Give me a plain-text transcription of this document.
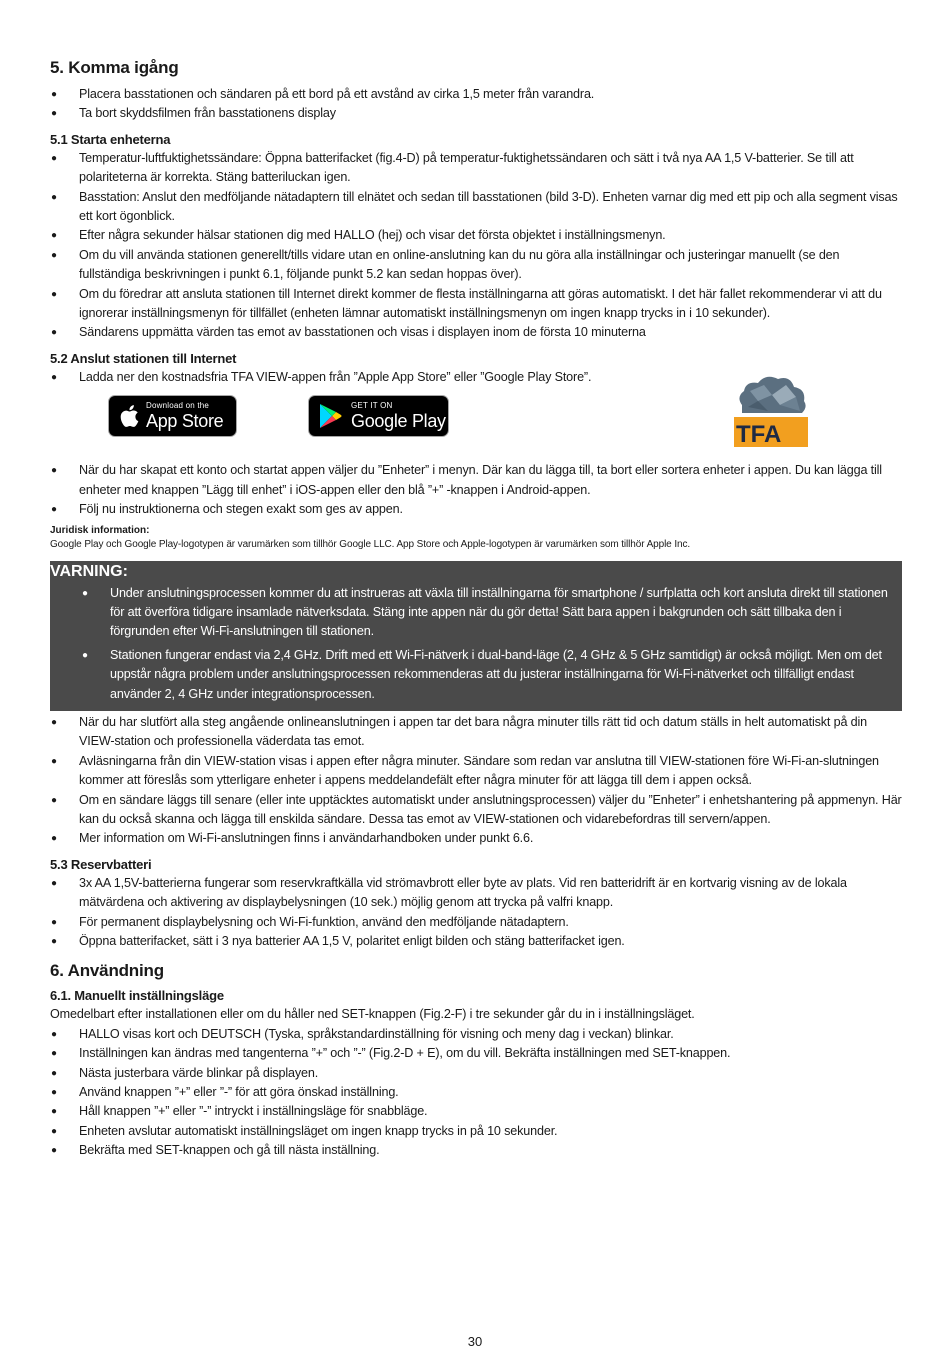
5. Komma igång
● Placera basstationen och sändaren på ett bord på ett avstånd av cirka 1,5 meter från varandra.
● Ta bort skyddsfilmen från basstationens display
5.1 Starta enheterna
● Temperatur-luftfuktighetssändare: Öppna batterifacket (fig.4-D) på temperatur-fuktighetssändaren och sätt i två nya AA 1,5 V-batterier. Se till att polariteterna är korrekta. Stäng batteriluckan igen.
● Basstation: Anslut den medföljande nätadaptern till elnätet och sedan till basstationen (bild 3-D). Enheten varnar dig med ett pip och alla segment visas ett kort ögonblick.
● Efter några sekunder hälsar stationen dig med HALLO (hej) och visar det första objektet i inställningsmenyn.
● Om du vill använda stationen generellt/tills vidare utan en online-anslutning kan du nu göra alla inställningar och justeringar manuellt (se den fullständiga beskrivningen i punkt 6.1, följande punkt 5.2 kan sedan hoppas över).
● Om du föredrar att ansluta stationen till Internet direkt kommer de flesta inställningarna att göras automatiskt. I det här fallet rekommenderar vi att du ignorerar inställningsmenyn för tillfället (enheten lämnar automatiskt inställningsmenyn om ingen knapp trycks in i 10 sekunder).
● Sändarens uppmätta värden tas emot av basstationen och visas i displayen inom de första 10 minuterna
5.2 Anslut stationen till Internet
● Ladda ner den kostnadsfria TFA VIEW-appen från ”Apple App Store” eller ”Google Play Store”.
Download on the
App Store
GET IT ON
Google Play	TFA
● När du har skapat ett konto och startat appen väljer du ”Enheter” i menyn. Där kan du lägga till, ta bort eller sortera enheter i appen. Du kan lägga till enheter med knappen ”Lägg till enhet” i iOS-appen eller den blå ”+” -knappen i Android-appen.
● Följ nu instruktionerna och stegen exakt som ges av appen.
Juridisk information:
Google Play och Google Play-logotypen är varumärken som tillhör Google LLC. App Store och Apple-logotypen är varumärken som tillhör Apple Inc.
VARNING:
● Under anslutningsprocessen kommer du att instrueras att växla till inställningarna för smartphone / surfplatta och kort ansluta direkt till stationen för att överföra tidigare insamlade nätverksdata. Stäng inte appen när du gör detta! Sätt bara appen i bakgrunden och sätt tillbaka den i förgrunden efter Wi-Fi-anslutningen till stationen.
● Stationen fungerar endast via 2,4 GHz. Drift med ett Wi-Fi-nätverk i dual-band-läge (2, 4 GHz & 5 GHz samtidigt) är också möjligt. Men om det uppstår några problem under anslutningsprocessen rekommenderas att du justerar inställningarna för Wi-Fi-nätverket och tillfälligt endast använder 2, 4 GHz under integrationsprocessen.
● När du har slutfört alla steg angående onlineanslutningen i appen tar det bara några minuter tills rätt tid och datum ställs in helt automatiskt på din VIEW-station och professionella väderdata tas emot.
● Avläsningarna från din VIEW-station visas i appen efter några minuter. Sändare som redan var anslutna till VIEW-stationen före Wi-Fi-an-slutningen kommer att föreslås som ytterligare enheter i appens meddelandefält efter några minuter för att lägga till dem i appen också.
● Om en sändare läggs till senare (eller inte upptäcktes automatiskt under anslutningsprocessen) väljer du ”Enheter” i enhetshantering på appmenyn. Här kan du också skanna och lägga till enskilda sändare. Dessa tas emot av VIEW-stationen och vidarebefordras till servern/appen.
● Mer information om Wi-Fi-anslutningen finns i användarhandboken under punkt 6.6.
5.3 Reservbatteri
● 3x AA 1,5V-batterierna fungerar som reservkraftkälla vid strömavbrott eller byte av plats. Vid ren batteridrift är en kortvarig visning av de lokala mätvärdena och aktivering av displaybelysningen (10 sek.) möjlig genom att trycka på valfri knapp.
● För permanent displaybelysning och Wi-Fi-funktion, använd den medföljande nätadaptern.
● Öppna batterifacket, sätt i 3 nya batterier AA 1,5 V, polaritet enligt bilden och stäng batterifacket igen.
6. Användning
6.1. Manuellt inställningsläge

Omedelbart efter installationen eller om du håller ned SET-knappen (Fig.2-F) i tre sekunder går du in i inställningsläget.

● HALLO visas kort och DEUTSCH (Tyska, språkstandardinställning för visning och meny dag i veckan) blinkar.
● Inställningen kan ändras med tangenterna ”+” och ”-” (Fig.2-D + E), om du vill. Bekräfta inställningen med SET-knappen.
● Nästa justerbara värde blinkar på displayen.
● Använd knappen ”+” eller ”-” för att göra önskad inställning.
● Håll knappen ”+” eller ”-” intryckt i inställningsläge för snabbläge.
● Enheten avslutar automatiskt inställningsläget om ingen knapp trycks in på 10 sekunder.
● Bekräfta med SET-knappen och gå till nästa inställning.
30
